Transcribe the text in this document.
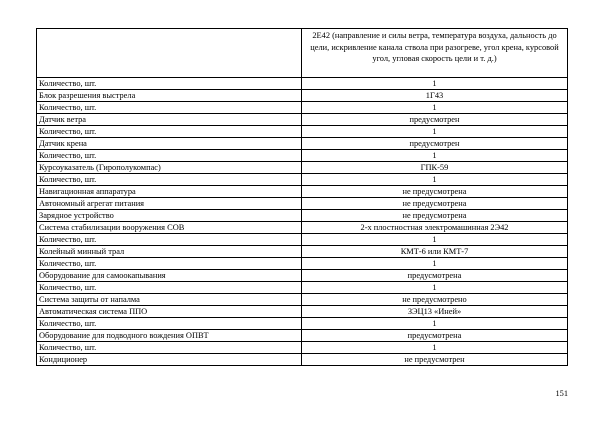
	2Е42 (направление и силы ветра, температура воздуха, дальность до цели, искривление канала ствола при разогреве, угол крена, курсовой угол, угловая скорость цели и т. д.)
Количество, шт.	1
Блок разрешения выстрела	1Г43
Количество, шт.	1
Датчик ветра	предусмотрен
Количество, шт.	1
Датчик крена	предусмотрен
Количество, шт.	1
Курсоуказатель (Гирополукомпас)	ГПК-59
Количество, шт.	1
Навигационная аппаратура	не предусмотрена
Автономный агрегат питания	не предусмотрена
Зарядное устройство	не предусмотрена
Система стабилизации вооружения СОВ	2-х плостностная электромашинная 2Э42
Количество, шт.	1
Колейный минный трал	КМТ-6 или КМТ-7
Количество, шт.	1
Оборудование для самоокапывания	предусмотрена
Количество, шт.	1
Система защиты от напалма	не предусмотрено
Автоматическая система ППО	ЗЭЦ13 «Иней»
Количество, шт.	1
Оборудование для подводного вождения ОПВТ	предусмотрена
Количество, шт.	1
Кондиционер	не предусмотрен
151
